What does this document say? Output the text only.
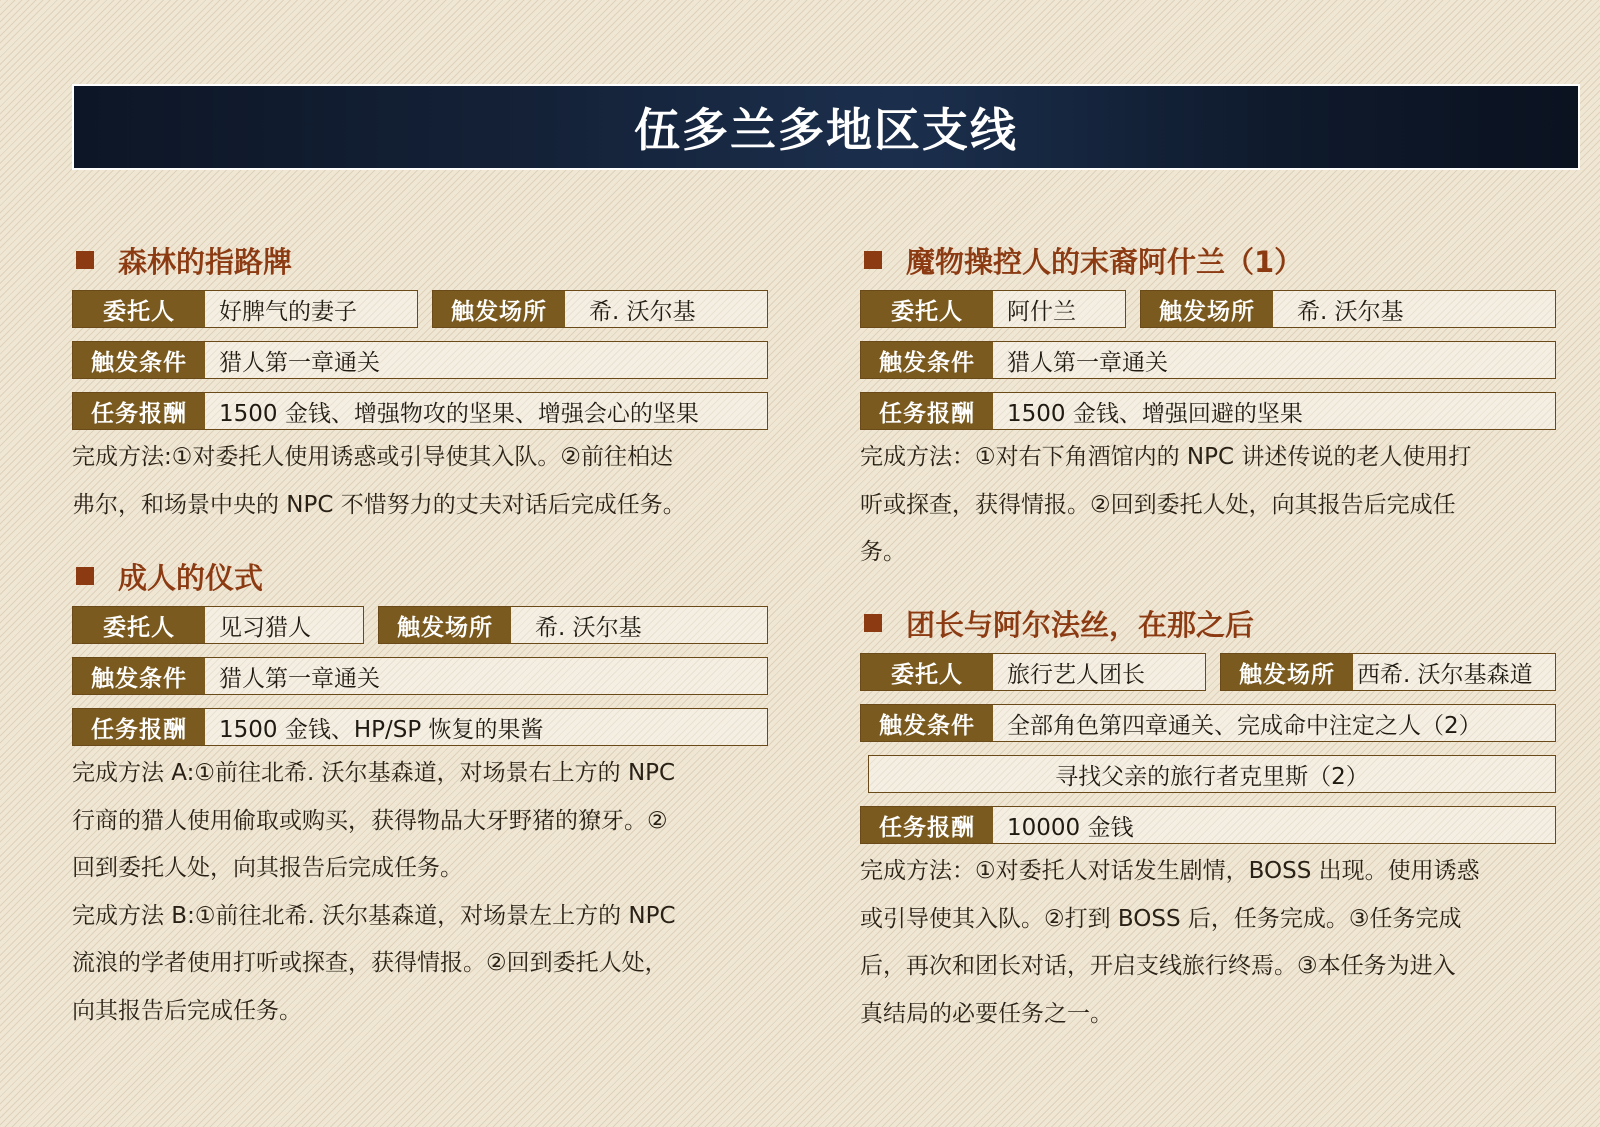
伍多兰多地区支线
森林的指路牌
委托人	好脾气的妻子	触发场所	希. 沃尔基
触发条件	猎人第一章通关
任务报酬	1500 金钱、增强物攻的坚果、增强会心的坚果

完成方法:①对委托人使用诱惑或引导使其入队。②前往柏达

弗尔，和场景中央的 NPC 不惜努力的丈夫对话后完成任务。

成人的仪式
委托人	见习猎人	触发场所	希. 沃尔基
触发条件	猎人第一章通关
任务报酬	1500 金钱、HP/SP 恢复的果酱

完成方法 A:①前往北希. 沃尔基森道，对场景右上方的 NPC

行商的猎人使用偷取或购买，获得物品大牙野猪的獠牙。②

回到委托人处，向其报告后完成任务。

完成方法 B:①前往北希. 沃尔基森道，对场景左上方的 NPC

流浪的学者使用打听或探查，获得情报。②回到委托人处，

向其报告后完成任务。

魔物操控人的末裔阿什兰（1）
委托人	阿什兰	触发场所	希. 沃尔基
触发条件	猎人第一章通关
任务报酬	1500 金钱、增强回避的坚果

完成方法：①对右下角酒馆内的 NPC 讲述传说的老人使用打

听或探查，获得情报。②回到委托人处，向其报告后完成任

务。

团长与阿尔法丝，在那之后
委托人	旅行艺人团长	触发场所 西希. 沃尔基森道
触发条件	全部角色第四章通关、完成命中注定之人（2）
寻找父亲的旅行者克里斯（2）
任务报酬	10000 金钱

完成方法：①对委托人对话发生剧情，BOSS 出现。使用诱惑

或引导使其入队。②打到 BOSS 后，任务完成。③任务完成

后，再次和团长对话，开启支线旅行终焉。③本任务为进入

真结局的必要任务之一。
